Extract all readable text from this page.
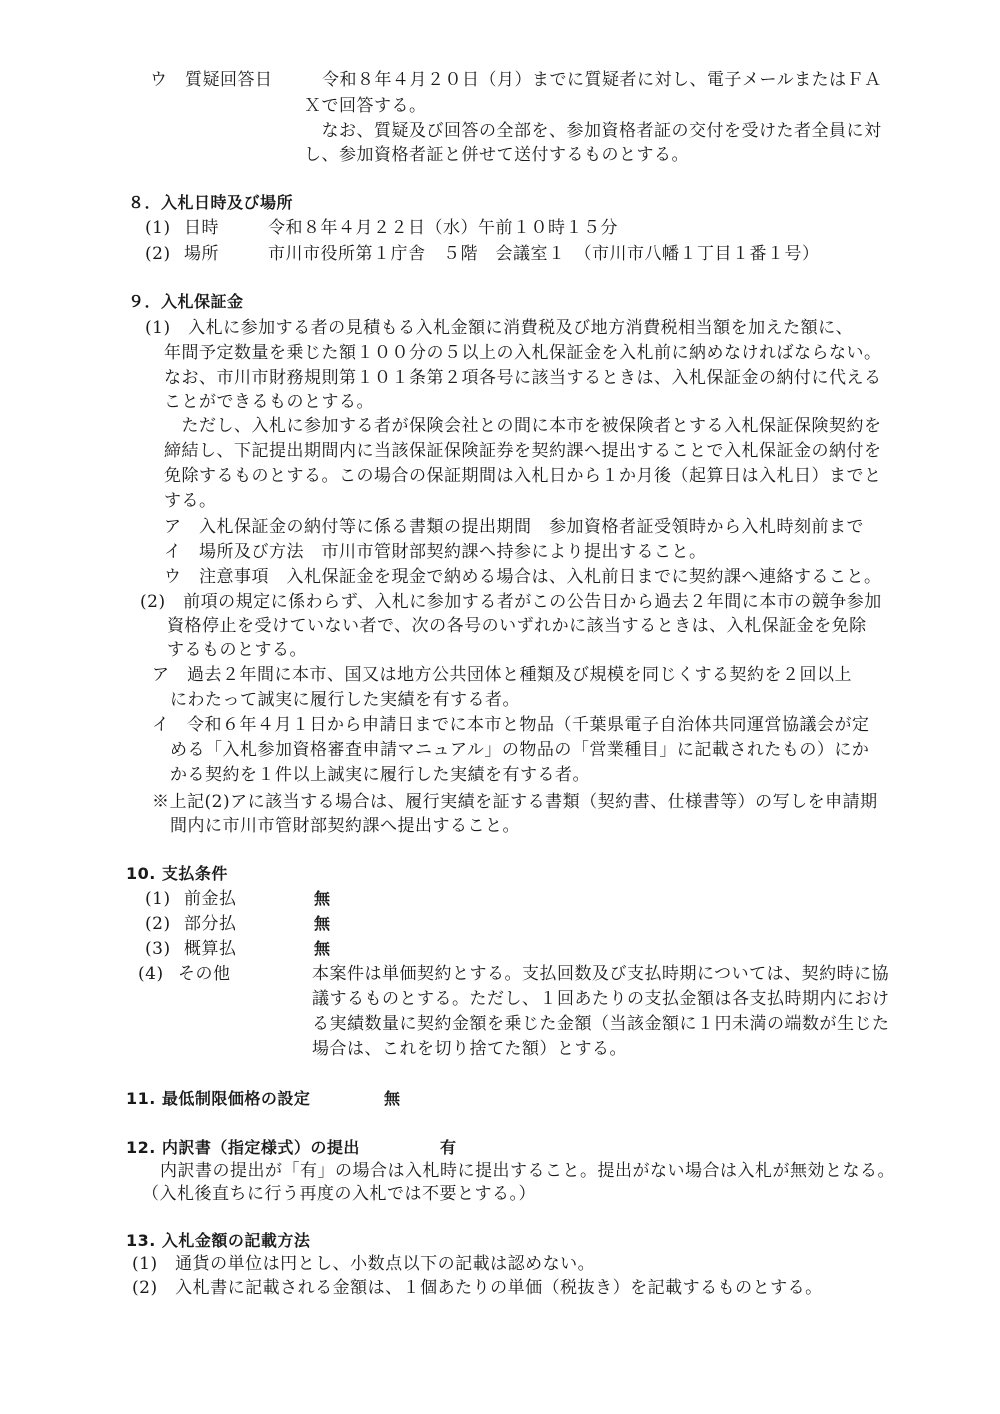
ウ　質疑回答日	令和８年４月２０日（月）までに質疑者に対し、電子メールまたはＦＡ
Ｘで回答する。
　なお、質疑及び回答の全部を、参加資格者証の交付を受けた者全員に対
し、参加資格者証と併せて送付するものとする。
８．入札日時及び場所
(1) 日時	令和８年４月２２日（水）午前１０時１５分
(2) 場所	市川市役所第１庁舎　５階　会議室１　（市川市八幡１丁目１番１号）
９．入札保証金
(1)　入札に参加する者の見積もる入札金額に消費税及び地方消費税相当額を加えた額に、
年間予定数量を乗じた額１００分の５以上の入札保証金を入札前に納めなければならない。
なお、市川市財務規則第１０１条第２項各号に該当するときは、入札保証金の納付に代える
ことができるものとする。
　ただし、入札に参加する者が保険会社との間に本市を被保険者とする入札保証保険契約を
締結し、下記提出期間内に当該保証保険証券を契約課へ提出することで入札保証金の納付を
免除するものとする。この場合の保証期間は入札日から１か月後（起算日は入札日）までと
する。
ア　入札保証金の納付等に係る書類の提出期間　参加資格者証受領時から入札時刻前まで
イ　場所及び方法　市川市管財部契約課へ持参により提出すること。
ウ　注意事項　入札保証金を現金で納める場合は、入札前日までに契約課へ連絡すること。
(2)　前項の規定に係わらず、入札に参加する者がこの公告日から過去２年間に本市の競争参加
資格停止を受けていない者で、次の各号のいずれかに該当するときは、入札保証金を免除
するものとする。
ア　過去２年間に本市、国又は地方公共団体と種類及び規模を同じくする契約を２回以上
にわたって誠実に履行した実績を有する者。
イ　令和６年４月１日から申請日までに本市と物品（千葉県電子自治体共同運営協議会が定
める「入札参加資格審査申請マニュアル」の物品の「営業種目」に記載されたもの）にか
かる契約を１件以上誠実に履行した実績を有する者。
※上記(2)アに該当する場合は、履行実績を証する書類（契約書、仕様書等）の写しを申請期
間内に市川市管財部契約課へ提出すること。
10. 支払条件
(1) 前金払	無
(2) 部分払	無
(3) 概算払	無
(4) その他	本案件は単価契約とする。支払回数及び支払時期については、契約時に協
議するものとする。ただし、１回あたりの支払金額は各支払時期内におけ
る実績数量に契約金額を乗じた金額（当該金額に１円未満の端数が生じた
場合は、これを切り捨てた額）とする。
11. 最低制限価格の設定	無
12. 内訳書（指定様式）の提出	有
内訳書の提出が「有」の場合は入札時に提出すること。提出がない場合は入札が無効となる。
（入札後直ちに行う再度の入札では不要とする。）
13. 入札金額の記載方法
(1)　通貨の単位は円とし、小数点以下の記載は認めない。
(2)　入札書に記載される金額は、１個あたりの単価（税抜き）を記載するものとする。
